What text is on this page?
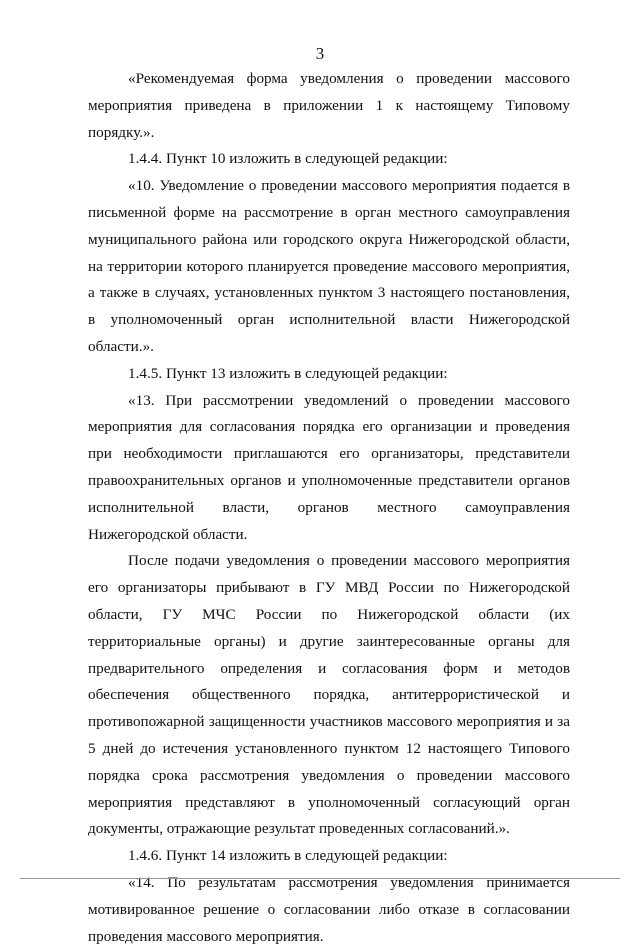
3

«Рекомендуемая форма уведомления о проведении массового мероприятия приведена в приложении 1 к настоящему Типовому порядку.».

1.4.4. Пункт 10 изложить в следующей редакции:

«10. Уведомление о проведении массового мероприятия подается в письменной форме на рассмотрение в орган местного самоуправления муниципального района или городского округа Нижегородской области, на территории которого планируется проведение массового мероприятия, а также в случаях, установленных пунктом 3 настоящего постановления, в уполномоченный орган исполнительной власти Нижегородской области.».

1.4.5. Пункт 13 изложить в следующей редакции:

«13. При рассмотрении уведомлений о проведении массового мероприятия для согласования порядка его организации и проведения при необходимости приглашаются его организаторы, представители правоохранительных органов и уполномоченные представители органов исполнительной власти, органов местного самоуправления Нижегородской области.

После подачи уведомления о проведении массового мероприятия его организаторы прибывают в ГУ МВД России по Нижегородской области, ГУ МЧС России по Нижегородской области (их территориальные органы) и другие заинтересованные органы для предварительного определения и согласования форм и методов обеспечения общественного порядка, антитеррористической и противопожарной защищенности участников массового мероприятия и за 5 дней до истечения установленного пунктом 12 настоящего Типового порядка срока рассмотрения уведомления о проведении массового мероприятия представляют в уполномоченный согласующий орган документы, отражающие результат проведенных согласований.».

1.4.6. Пункт 14 изложить в следующей редакции:

«14. По результатам рассмотрения уведомления принимается мотивированное решение о согласовании либо отказе в согласовании проведения массового мероприятия.
